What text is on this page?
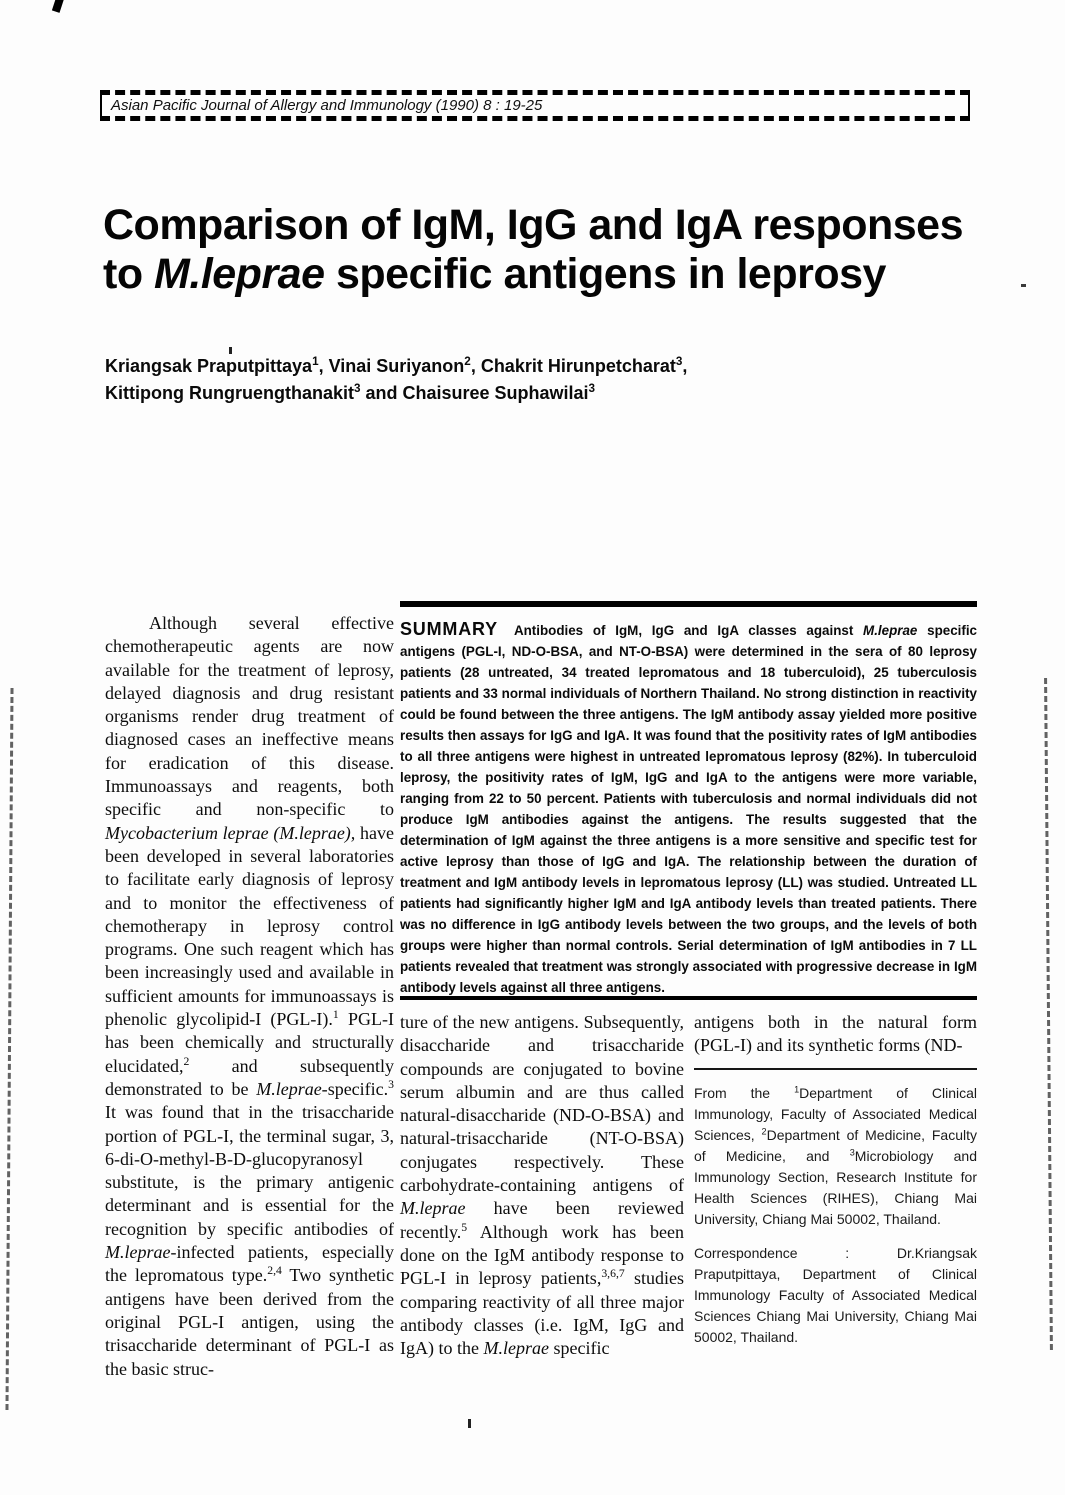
Asian Pacific Journal of Allergy and Immunology (1990) 8 : 19-25
Comparison of IgM, IgG and IgA responses
to M.leprae specific antigens in leprosy
Kriangsak Praputpittaya$^1$, Vinai Suriyanon$^2$, Chakrit Hirunpetcharat$^3$,
Kittipong Rungruengthanakit$^3$ and Chaisuree Suphawilai$^3$

Although several effective chemotherapeutic agents are now available for the treatment of leprosy, delayed diagnosis and drug resistant organisms render drug treatment of diagnosed cases an ineffective means for eradication of this disease. Immunoassays and reagents, both specific and non-specific to Mycobacterium leprae (M.leprae), have been developed in several laboratories to facilitate early diagnosis of leprosy and to monitor the effectiveness of chemotherapy in leprosy control programs. One such reagent which has been increasingly used and available in sufficient amounts for immunoassays is phenolic glycolipid-I (PGL-I).$^1$ PGL-I has been chemically and structurally elucidated,$^2$ and subsequently demonstrated to be M.leprae-specific.$^3$ It was found that in the trisaccharide portion of PGL-I, the terminal sugar, 3, 6-di-O-methyl-B-D-glucopyranosyl substitute, is the primary antigenic determinant and is essential for the recognition by specific antibodies of M.leprae-infected patients, especially the lepromatous type.$^{2,4}$ Two synthetic antigens have been derived from the original PGL-I antigen, using the trisaccharide determinant of PGL-I as the basic struc-

SUMMARY Antibodies of IgM, IgG and IgA classes against M.leprae specific antigens (PGL-I, ND-O-BSA, and NT-O-BSA) were determined in the sera of 80 leprosy patients (28 untreated, 34 treated lepromatous and 18 tuberculoid), 25 tuberculosis patients and 33 normal individuals of Northern Thailand. No strong distinction in reactivity could be found between the three antigens. The IgM antibody assay yielded more positive results then assays for IgG and IgA. It was found that the positivity rates of IgM antibodies to all three antigens were highest in untreated lepromatous leprosy (82%). In tuberculoid leprosy, the positivity rates of IgM, IgG and IgA to the antigens were more variable, ranging from 22 to 50 percent. Patients with tuberculosis and normal individuals did not produce IgM antibodies against the antigens. The results suggested that the determination of IgM against the three antigens is a more sensitive and specific test for active leprosy than those of IgG and IgA. The relationship between the duration of treatment and IgM antibody levels in lepromatous leprosy (LL) was studied. Untreated LL patients had significantly higher IgM and IgA antibody levels than treated patients. There was no difference in IgG antibody levels between the two groups, and the levels of both groups were higher than normal controls. Serial determination of IgM antibodies in 7 LL patients revealed that treatment was strongly associated with progressive decrease in IgM antibody levels against all three antigens.

ture of the new antigens. Subsequently, disaccharide and trisaccharide compounds are conjugated to bovine serum albumin and are thus called natural-disaccharide (ND-O-BSA) and natural-trisaccharide (NT-O-BSA) conjugates respectively. These carbohydrate-containing antigens of M.leprae have been reviewed recently.$^5$ Although work has been done on the IgM antibody response to PGL-I in leprosy patients,$^{3,6,7}$ studies comparing reactivity of all three major antibody classes (i.e. IgM, IgG and IgA) to the M.leprae specific

antigens both in the natural form (PGL-I) and its synthetic forms (ND-

From the $^1$Department of Clinical Immunology, Faculty of Associated Medical Sciences, $^2$Department of Medicine, Faculty of Medicine, and $^3$Microbiology and Immunology Section, Research Institute for Health Sciences (RIHES), Chiang Mai University, Chiang Mai 50002, Thailand.

Correspondence : Dr.Kriangsak Praputpittaya, Department of Clinical Immunology Faculty of Associated Medical Sciences Chiang Mai University, Chiang Mai 50002, Thailand.
